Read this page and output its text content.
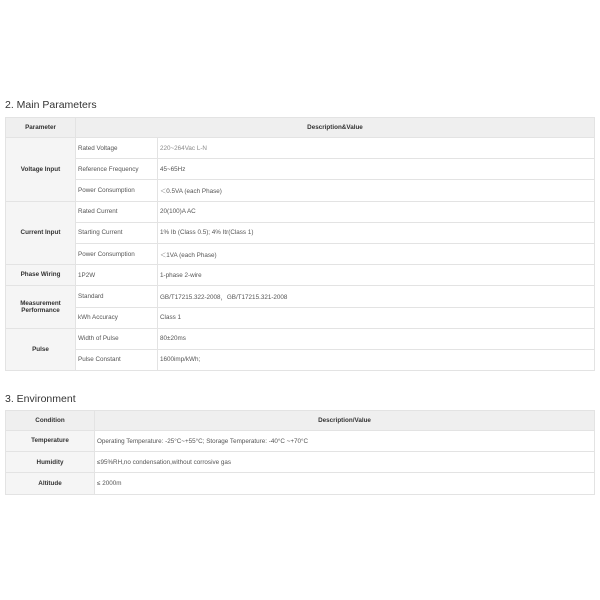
2. Main Parameters
Parameter	Description&Value	
Voltage Input	Rated Voltage	220~264Vac L-N
	Reference Frequency	45~65Hz
	Power Consumption	＜0.5VA (each Phase)
Current Input	Rated Current	20(100)A AC
	Starting Current	1% Ib (Class 0.5); 4% Itr(Class 1)
	Power Consumption	＜1VA (each Phase)
Phase Wiring	1P2W	1-phase 2-wire
Measurement Performance	Standard	GB/T17215.322-2008，GB/T17215.321-2008
	kWh Accuracy	Class 1
Pulse	Width of Pulse	80±20ms
	Pulse Constant	1600imp/kWh;
3. Environment
Condition	Description/Value
Temperature	Operating Temperature: -25°C~+55°C; Storage Temperature: -40°C ~+70°C
Humidity	≤95%RH,no condensation,without corrosive gas
Altitude	≤ 2000m
